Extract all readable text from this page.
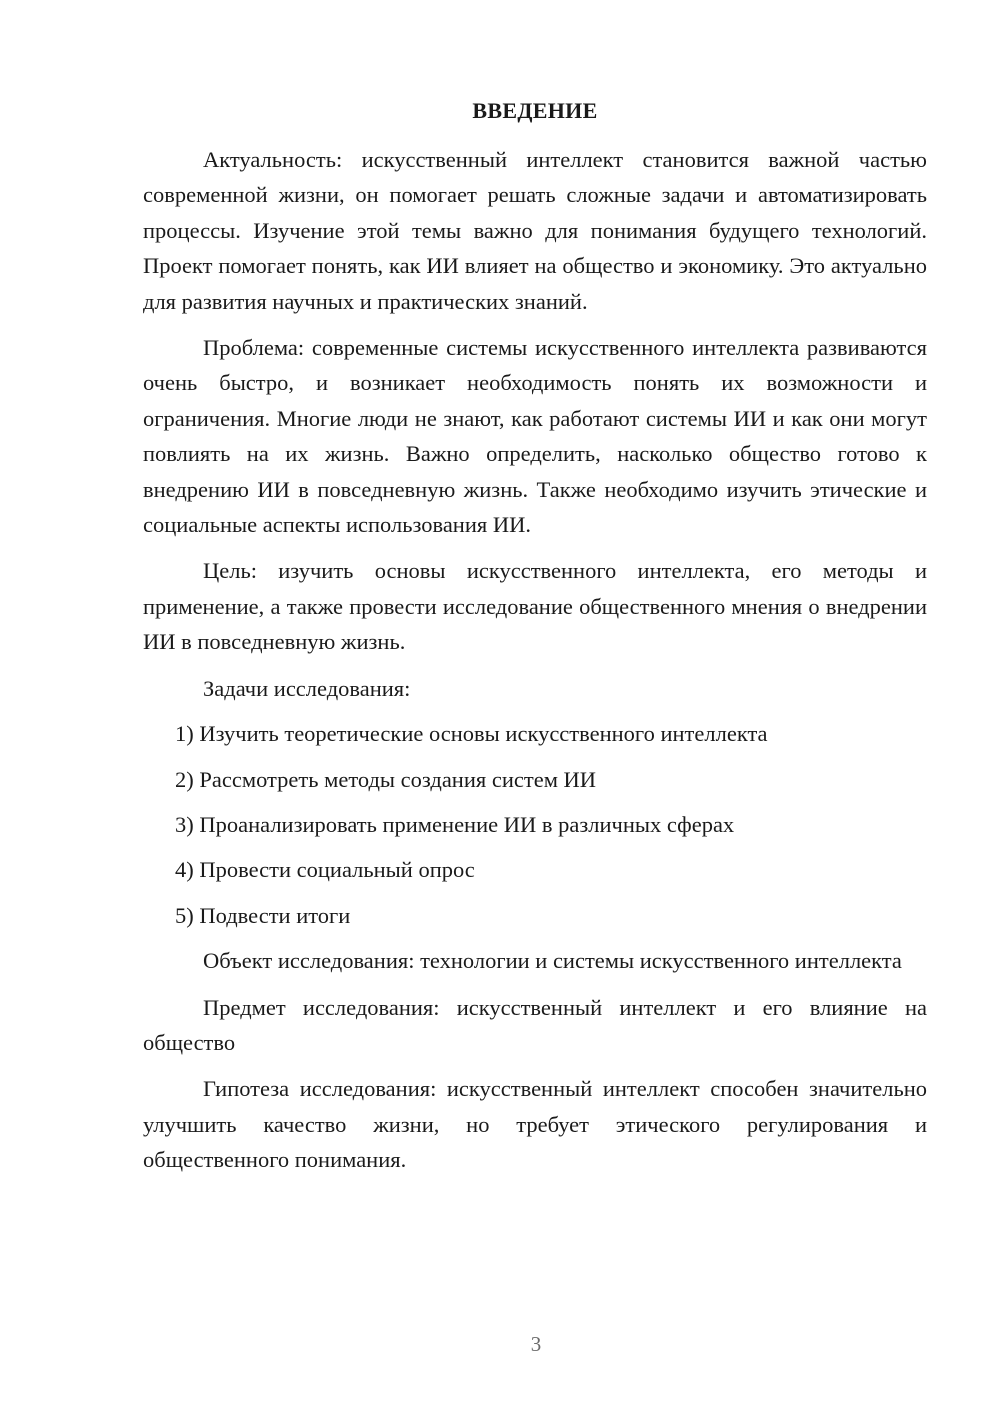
ВВЕДЕНИЕ

Актуальность: искусственный интеллект становится важной частью современной жизни, он помогает решать сложные задачи и автоматизировать процессы. Изучение этой темы важно для понимания будущего технологий. Проект помогает понять, как ИИ влияет на общество и экономику. Это актуально для развития научных и практических знаний.

Проблема: современные системы искусственного интеллекта развиваются очень быстро, и возникает необходимость понять их возможности и ограничения. Многие люди не знают, как работают системы ИИ и как они могут повлиять на их жизнь. Важно определить, насколько общество готово к внедрению ИИ в повседневную жизнь. Также необходимо изучить этические и социальные аспекты использования ИИ.

Цель: изучить основы искусственного интеллекта, его методы и применение, а также провести исследование общественного мнения о внедрении ИИ в повседневную жизнь.

Задачи исследования:

1) Изучить теоретические основы искусственного интеллекта
2) Рассмотреть методы создания систем ИИ
3) Проанализировать применение ИИ в различных сферах
4) Провести социальный опрос
5) Подвести итоги

Объект исследования: технологии и системы искусственного интеллекта

Предмет исследования: искусственный интеллект и его влияние на общество

Гипотеза исследования: искусственный интеллект способен значительно улучшить качество жизни, но требует этического регулирования и общественного понимания.

3
